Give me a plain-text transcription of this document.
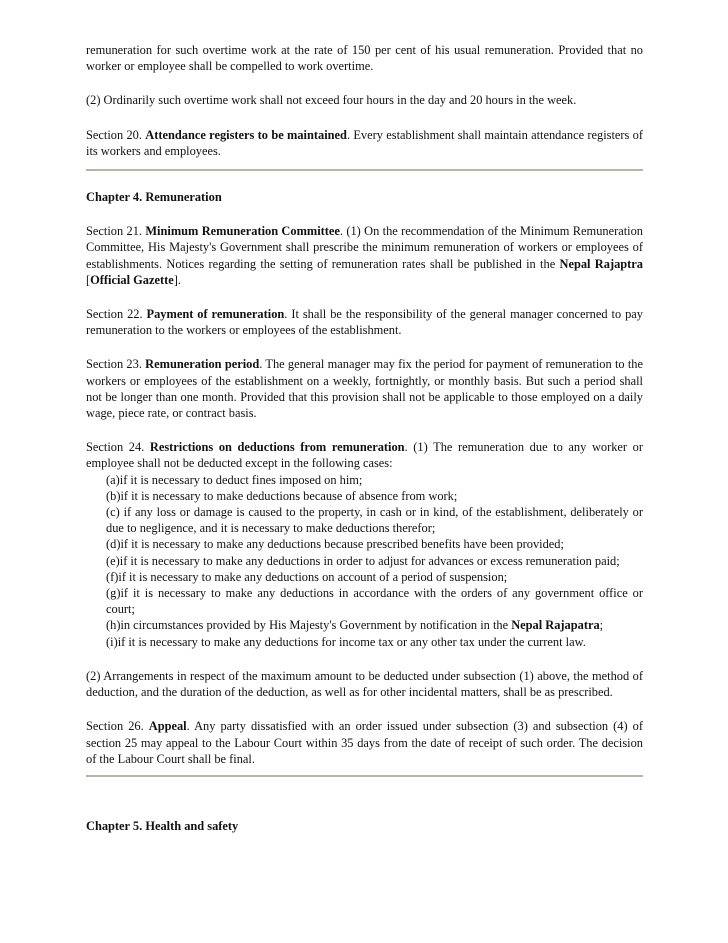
remuneration for such overtime work at the rate of 150 per cent of his usual remuneration. Provided that no worker or employee shall be compelled to work overtime.

(2) Ordinarily such overtime work shall not exceed four hours in the day and 20 hours in the week.

Section 20. Attendance registers to be maintained. Every establishment shall maintain attendance registers of its workers and employees.

Chapter 4. Remuneration

Section 21. Minimum Remuneration Committee. (1) On the recommendation of the Minimum Remuneration Committee, His Majesty's Government shall prescribe the minimum remuneration of workers or employees of establishments. Notices regarding the setting of remuneration rates shall be published in the Nepal Rajaptra [Official Gazette].

Section 22. Payment of remuneration. It shall be the responsibility of the general manager concerned to pay remuneration to the workers or employees of the establishment.

Section 23. Remuneration period. The general manager may fix the period for payment of remuneration to the workers or employees of the establishment on a weekly, fortnightly, or monthly basis. But such a period shall not be longer than one month. Provided that this provision shall not be applicable to those employed on a daily wage, piece rate, or contract basis.

Section 24. Restrictions on deductions from remuneration. (1) The remuneration due to any worker or employee shall not be deducted except in the following cases:

(a)if it is necessary to deduct fines imposed on him;
(b)if it is necessary to make deductions because of absence from work;
(c) if any loss or damage is caused to the property, in cash or in kind, of the establishment, deliberately or due to negligence, and it is necessary to make deductions therefor;
(d)if it is necessary to make any deductions because prescribed benefits have been provided;
(e)if it is necessary to make any deductions in order to adjust for advances or excess remuneration paid;
(f)if it is necessary to make any deductions on account of a period of suspension;
(g)if it is necessary to make any deductions in accordance with the orders of any government office or court;
(h)in circumstances provided by His Majesty's Government by notification in the Nepal Rajapatra;
(i)if it is necessary to make any deductions for income tax or any other tax under the current law.

(2) Arrangements in respect of the maximum amount to be deducted under subsection (1) above, the method of deduction, and the duration of the deduction, as well as for other incidental matters, shall be as prescribed.

Section 26. Appeal. Any party dissatisfied with an order issued under subsection (3) and subsection (4) of section 25 may appeal to the Labour Court within 35 days from the date of receipt of such order. The decision of the Labour Court shall be final.

Chapter 5. Health and safety
